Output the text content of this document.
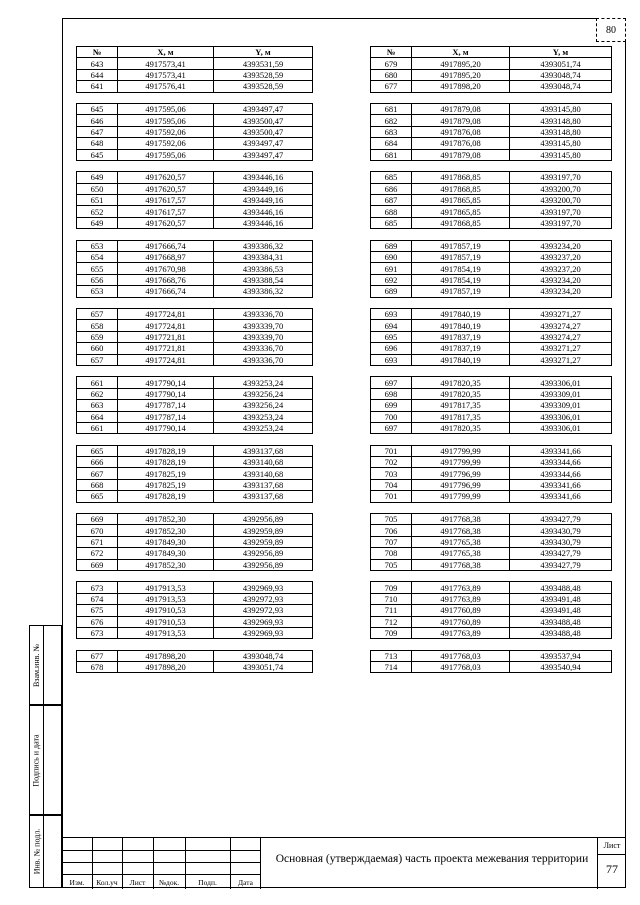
80
№	X, м	Y, м
643	4917573,41	4393531,59
644	4917573,41	4393528,59
641	4917576,41	4393528,59

645	4917595,06	4393497,47
646	4917595,06	4393500,47
647	4917592,06	4393500,47
648	4917592,06	4393497,47
645	4917595,06	4393497,47

649	4917620,57	4393446,16
650	4917620,57	4393449,16
651	4917617,57	4393449,16
652	4917617,57	4393446,16
649	4917620,57	4393446,16

653	4917666,74	4393386,32
654	4917668,97	4393384,31
655	4917670,98	4393386,53
656	4917668,76	4393388,54
653	4917666,74	4393386,32

657	4917724,81	4393336,70
658	4917724,81	4393339,70
659	4917721,81	4393339,70
660	4917721,81	4393336,70
657	4917724,81	4393336,70

661	4917790,14	4393253,24
662	4917790,14	4393256,24
663	4917787,14	4393256,24
664	4917787,14	4393253,24
661	4917790,14	4393253,24

665	4917828,19	4393137,68
666	4917828,19	4393140,68
667	4917825,19	4393140,68
668	4917825,19	4393137,68
665	4917828,19	4393137,68

669	4917852,30	4392956,89
670	4917852,30	4392959,89
671	4917849,30	4392959,89
672	4917849,30	4392956,89
669	4917852,30	4392956,89

673	4917913,53	4392969,93
674	4917913,53	4392972,93
675	4917910,53	4392972,93
676	4917910,53	4392969,93
673	4917913,53	4392969,93

677	4917898,20	4393048,74
678	4917898,20	4393051,74
№	X, м	Y, м
679	4917895,20	4393051,74
680	4917895,20	4393048,74
677	4917898,20	4393048,74

681	4917879,08	4393145,80
682	4917879,08	4393148,80
683	4917876,08	4393148,80
684	4917876,08	4393145,80
681	4917879,08	4393145,80

685	4917868,85	4393197,70
686	4917868,85	4393200,70
687	4917865,85	4393200,70
688	4917865,85	4393197,70
685	4917868,85	4393197,70

689	4917857,19	4393234,20
690	4917857,19	4393237,20
691	4917854,19	4393237,20
692	4917854,19	4393234,20
689	4917857,19	4393234,20

693	4917840,19	4393271,27
694	4917840,19	4393274,27
695	4917837,19	4393274,27
696	4917837,19	4393271,27
693	4917840,19	4393271,27

697	4917820,35	4393306,01
698	4917820,35	4393309,01
699	4917817,35	4393309,01
700	4917817,35	4393306,01
697	4917820,35	4393306,01

701	4917799,99	4393341,66
702	4917799,99	4393344,66
703	4917796,99	4393344,66
704	4917796,99	4393341,66
701	4917799,99	4393341,66

705	4917768,38	4393427,79
706	4917768,38	4393430,79
707	4917765,38	4393430,79
708	4917765,38	4393427,79
705	4917768,38	4393427,79

709	4917763,89	4393488,48
710	4917763,89	4393491,48
711	4917760,89	4393491,48
712	4917760,89	4393488,48
709	4917763,89	4393488,48

713	4917768,03	4393537,94
714	4917768,03	4393540,94
Взам.инв. №
Подпись и дата
Инв. № подл.
Изм.	Кол.уч	Лист	№док.	Подп.	Дата
Основная (утверждаемая) часть проекта межевания территории
Лист
77
